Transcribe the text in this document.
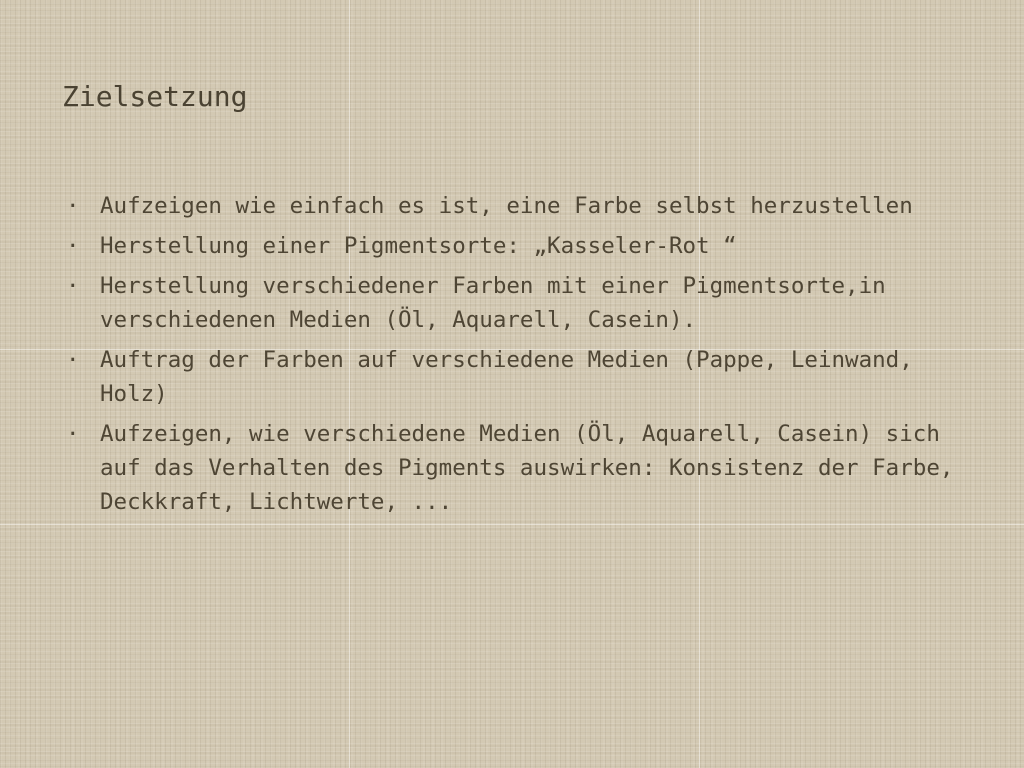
Zielsetzung
· Aufzeigen wie einfach es ist, eine Farbe selbst herzustellen
· Herstellung einer Pigmentsorte: „Kasseler-Rot “
· Herstellung verschiedener Farben mit einer Pigmentsorte,in verschiedenen Medien (Öl, Aquarell, Casein).
· Auftrag der Farben auf verschiedene Medien (Pappe, Leinwand, Holz)
· Aufzeigen, wie verschiedene Medien (Öl, Aquarell, Casein) sich auf das Verhalten des Pigments auswirken: Konsistenz der Farbe, Deckkraft, Lichtwerte, ...
